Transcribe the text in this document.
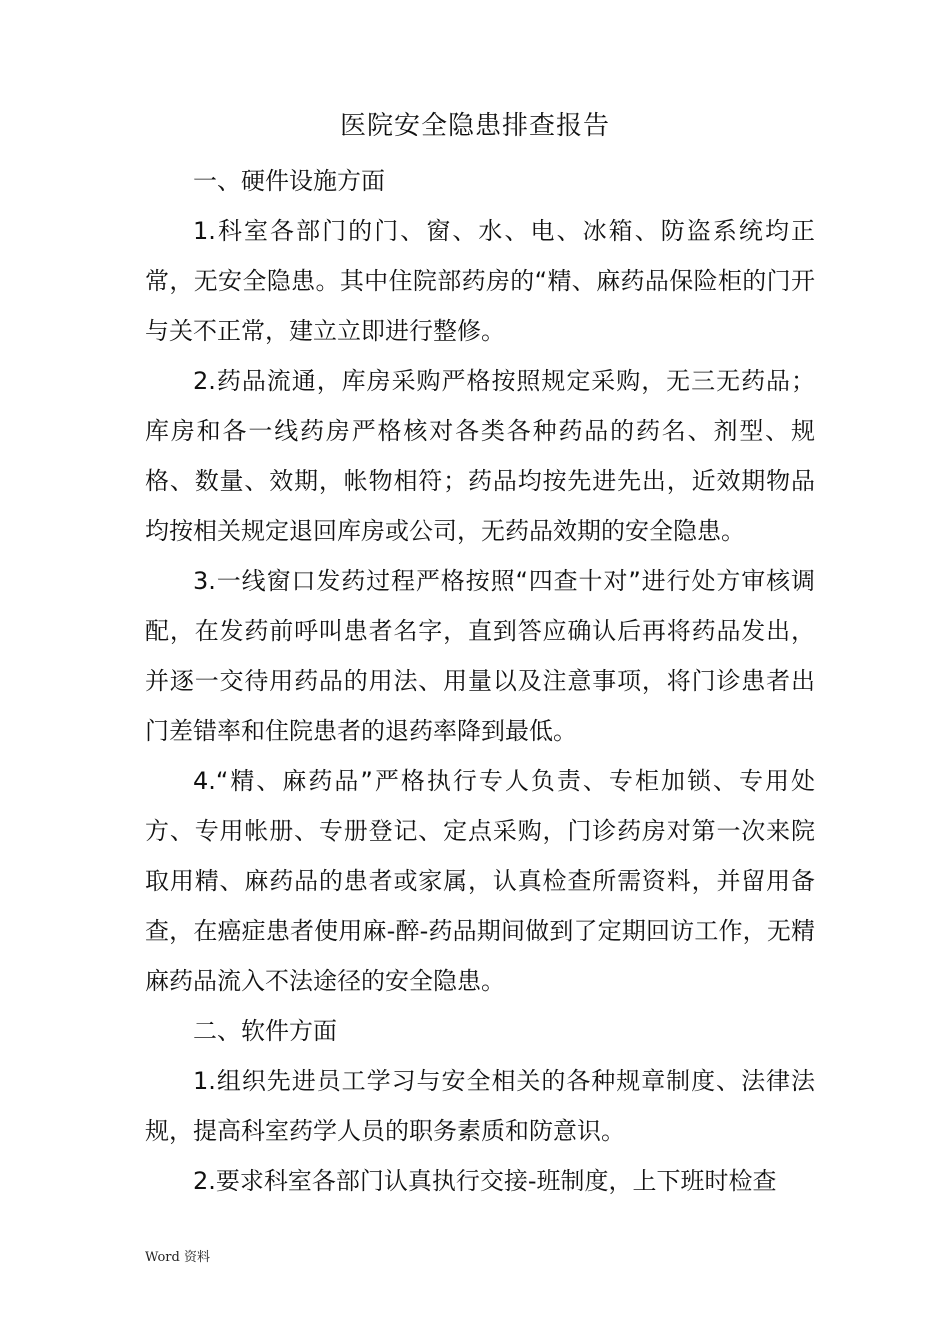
医院安全隐患排查报告

一、硬件设施方面

1.科室各部门的门、窗、水、电、冰箱、防盗系统均正常，无安全隐患。其中住院部药房的“精、麻药品保险柜的门开与关不正常，建立立即进行整修。

2.药品流通，库房采购严格按照规定采购，无三无药品；库房和各一线药房严格核对各类各种药品的药名、剂型、规格、数量、效期，帐物相符；药品均按先进先出，近效期物品均按相关规定退回库房或公司，无药品效期的安全隐患。

3.一线窗口发药过程严格按照“四查十对”进行处方审核调配，在发药前呼叫患者名字，直到答应确认后再将药品发出，并逐一交待用药品的用法、用量以及注意事项，将门诊患者出门差错率和住院患者的退药率降到最低。

4.“精、麻药品”严格执行专人负责、专柜加锁、专用处方、专用帐册、专册登记、定点采购，门诊药房对第一次来院取用精、麻药品的患者或家属，认真检查所需资料，并留用备查，在癌症患者使用麻-醉-药品期间做到了定期回访工作，无精麻药品流入不法途径的安全隐患。

二、软件方面

1.组织先进员工学习与安全相关的各种规章制度、法律法规，提高科室药学人员的职务素质和防意识。

2.要求科室各部门认真执行交接-班制度，上下班时检查

Word 资料
